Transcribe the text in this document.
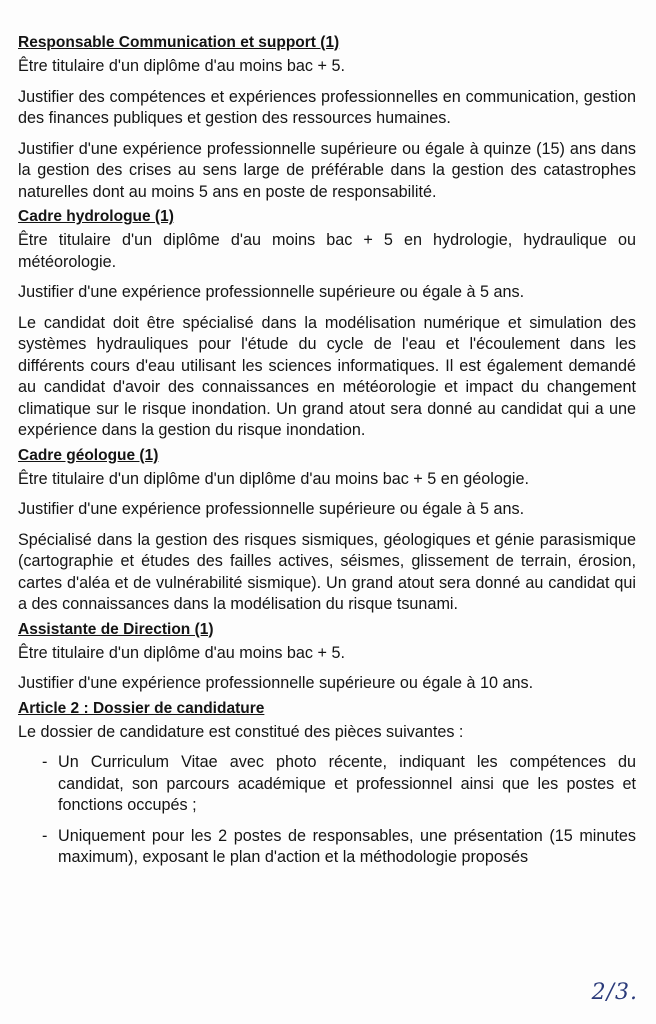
Responsable Communication et support (1)

Être titulaire d'un diplôme d'au moins bac + 5.

Justifier des compétences et expériences professionnelles en communication, gestion des finances publiques et gestion des ressources humaines.

Justifier d'une expérience professionnelle supérieure ou égale à quinze (15) ans dans la gestion des crises au sens large de préférable dans la gestion des catastrophes naturelles dont au moins 5 ans en poste de responsabilité.

Cadre hydrologue (1)

Être titulaire d'un diplôme d'au moins bac + 5 en hydrologie, hydraulique ou météorologie.

Justifier d'une expérience professionnelle supérieure ou égale à 5 ans.

Le candidat doit être spécialisé dans la modélisation numérique et simulation des systèmes hydrauliques pour l'étude du cycle de l'eau et l'écoulement dans les différents cours d'eau utilisant les sciences informatiques. Il est également demandé au candidat d'avoir des connaissances en météorologie et impact du changement climatique sur le risque inondation. Un grand atout sera donné au candidat qui a une expérience dans la gestion du risque inondation.

Cadre géologue (1)

Être titulaire d'un diplôme d'un diplôme d'au moins bac + 5 en géologie.

Justifier d'une expérience professionnelle supérieure ou égale à 5 ans.

Spécialisé dans la gestion des risques sismiques, géologiques et génie parasismique (cartographie et études des failles actives, séismes, glissement de terrain, érosion, cartes d'aléa et de vulnérabilité sismique). Un grand atout sera donné au candidat qui a des connaissances dans la modélisation du risque tsunami.

Assistante de Direction (1)

Être titulaire d'un diplôme d'au moins bac + 5.

Justifier d'une expérience professionnelle supérieure ou égale à 10 ans.

Article 2 : Dossier de candidature

Le dossier de candidature est constitué des pièces suivantes :

- Un Curriculum Vitae avec photo récente, indiquant les compétences du candidat, son parcours académique et professionnel ainsi que les postes et fonctions occupés ;
- Uniquement pour les 2 postes de responsables, une présentation (15 minutes maximum), exposant le plan d'action et la méthodologie proposés
2/3.
